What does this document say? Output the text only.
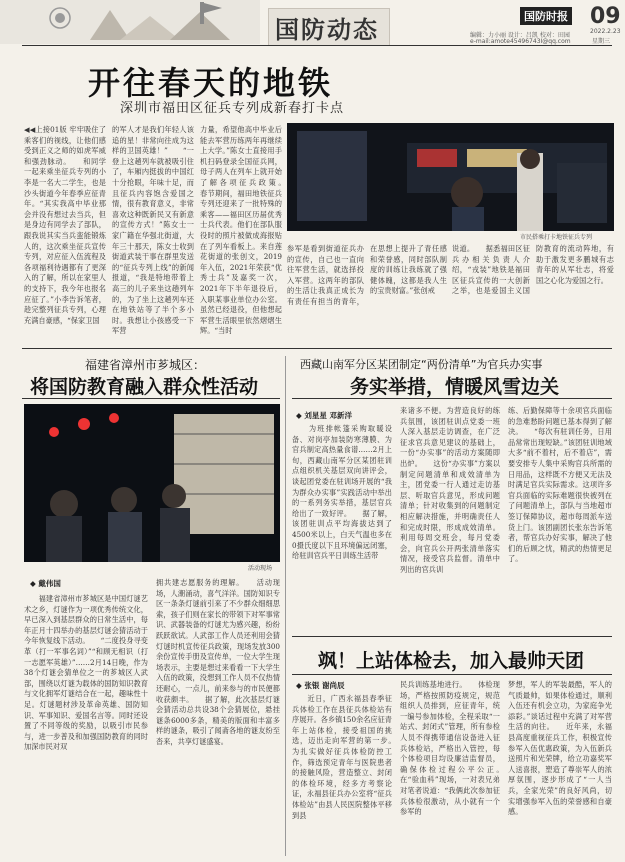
国防动态	国防时报
编辑：力小丽 设计：吕凯 校对：田园
e-mail:amote45496743I@qq.com
09
2022.2.23
星期三
开往春天的地铁
深圳市福田区征兵专列成新春打卡点
◀◀上接01版 牢牢吸住了乘客们的视线，让他们感受到正义之师的如虎军威和强劲脉动。　　和同学一起来乘坐征兵专列的小李是一名大二学生，也是沙头街道今年春季应征青年。“其实我高中毕业那会并没有想过去当兵，但是身边有同学去了部队，跟我说其实当兵蛮能锻炼人的，这次乘坐征兵宣传专列，对应征入伍流程及各项福利待遇都有了更深入的了解，所以在家里人的支持下，我今年也报名应征了。”小李告诉笔者，趁完整列征兵专列，心理充满自豪感，“保家卫国
的军人才是我们年轻人该追的星！非常向往成为这样的卫国英雄！”　　“一登上这趟列车就被吸引住了，车厢内挺拔的中国红十分抢眼，年味十足，而且征兵内容饱含爱国之情，很有教育意义，非常喜欢这种既新民又有新意的宣传方式！”陈女士一家广籍在华强北街道，大年三十那天，陈女士收到街道武装干事在群里发送的“征兵专列上线”的新闻报道，“我是特地带着上高三的儿子来坐这趟列车的，为了坐上这趟列车还在地铁站等了半个多小时。我想让小孩感受一下军营
力量，希望他高中毕业后能去军营历练两年再继续上大学。”陈女士直接用手机扫码登录全国征兵网，母子两人在列车上就开始了解各项征兵政策。　　春节期间，福田地铁征兵专列还迎来了一批特殊的乘客——福田区历届优秀士兵代表。他们在部队服役时的照片被做成海报贴在了列车看板上。来自莲花街道的张创文，2019年入伍，2021年荣获“优秀士兵”及嘉奖一次，2021年下半年退役后，入职某事业单位办公室。虽然已经退役，但他想起军营生活眼里依然熠熠生辉。“当时
市民搭乘打卡地铁征兵专列
参军是看到街道征兵办的宣传，自己也一直向往军营生活，就选择投入军营。这两年的部队的生活让我真正成长为有责任有担当的青年，在思想上提升了青任感和荣誉感，同时部队制度的训练让我练就了强健体魄，这都是我人生的宝贵财富。”张创戒
说道。　　据悉福田区征兵办相关负责人介绍，“戎装”地铁是福田区征兵宣传的一大创新之举，也是爱国主义国防教育的流动阵地，有助于激发更多鹏城有志青年的从军壮志，将爱国之心化为爱国之行。
福建省漳州市芗城区：
将国防教育融入群众性活动
活动现场
◆ 戴伟国
　　福建省漳州市芗城区是中国灯谜艺术之乡，灯谜作为一项优秀传统文化，早已深入到基层群众的日常生活中，每年正月十四举办的基层灯谜会猜活动于今年恢复线下活动。　　“二度投身寻变革（打一军事名词）”“和顾无相识（打一志愿军英雄）”……2月14日晚，作为38个灯谜会猜单位之一的芗城区人武部，围绕以灯谜为载体的国防知识教育与文化拥军灯谜结合在一起，趣味性十足。灯谜题材涉及革命英雄、国防知识、军事知识、爱国名言等。同时还设置了不同等级的奖励，以吸引市民参与，进一步普及和加强国防教育的同时加深市民对双
拥共建志愿服务的理解。　　活动现场，人潮涌动，喜气洋洋。国防知识专区一条条灯谜前引来了不少群众细细思索，孩子们则在家长的带领下对军事常识、武器装备的灯谜尤为感兴趣，纷纷跃跃欲试。人武部工作人员还利用会猜灯谜时机宣传征兵政策，现场发放300余份宣传手册及宣传单，一位大学生现场表示，主要是想过来看看一下大学生入伍的政策，没想到工作人员不仅热情还耐心，一点儿，前来参与的市民便都收获颇丰。　　据了解，此次基层灯谜会猜活动总共设38个会猜展位，悬挂谜条6000多条，精美的版面和丰富多样的谜条，吸引了闻斋各地的谜友纷至沓来，共享灯谜盛宴。
西藏山南军分区某团制定“两份清单”为官兵办实事
务实举措，情暖风雪边关
◆ 刘星星 邓新洋
　　为班排帐篷采购取暖设备、对岗亭加装防寒薄膜、为官兵制定高热量食谱……2月上旬，西藏山南军分区某团驻训点组织机关基层双向讲评会，谈起团党委在驻训场开展的“我为群众办实事”实践活动中举出的一系列务实举措，基层官兵给出了一致好评。　　据了解，该团驻训点平均海拔达到了4500米以上，白天气温也多在0摄氏度以下且环境偏远闭塞，给驻训官兵平日训练生活带
来诸多不便。为营造良好的练兵氛围，该团驻训点党委一班人深入基层走访调查，在广泛征求官兵意见建议的基础上，一份“办实事”的活动方案随即出炉。　　这份“办实事”方案以制定问题清单和成效清单为主，团党委一行人通过走访基层、听取官兵意见，形成问题清单；针对收集到的问题制定相应解决措施，并明确责任人和完成时限，形成成效清单。利用每周交班会，每月党委会，向官兵公开两张清单落实情况，接受官兵监督。清单中列出的官兵训
练、后勤保障等十余项官兵面临的急难愁盼问题已基本得到了解决。　　“每次有驻训任务，日用品常常出现短缺。”该团驻训地域大多“前不着村，后不着店”，需要安排专人集中采购官兵所需的日用品，这样既不方便又无法及时满足官兵实际需求。这项许多官兵面临的实际难题很快被列在了问题清单上，部队与当地超市签订保障协议，超市每周派车送货上门。该团副团长张东告诉笔者，帮官兵办好实事，解决了他们的后顾之忧，精武的热情更足了。
飒！上站体检去，加入最帅天团
◆ 张银 谢尚辰
　　近日，广西永福县春季征兵体检工作在县征兵体检站有序展开。各乡镇150余名应征青年上站体检，接受祖国的挑选，迈出走向军营的第一步。　　为扎实做好征兵体检防控工作，筛选预定青年与医院患者的接触风险，营造整立、封闭的体检环境，经多方考察论证，永福县征兵办公室将“征兵体检站”由县人民医院整体平移到县
民兵训练基地进行。　　体检现场，严格按照防疫规定，规范组织人员排到，应征青年，统一编号参加体检，全程采取“一站式、封闭式”管理，所有参检人员不得携带通信设备进入征兵体检站，严格出入管控，每个体检项目均设廉洁监督员，确保体检过程公平公正。　　在“验血科”现场，一对表兄弟对笔者说道：“我俩此次参加征兵体检很激动，从小就有一个参军的
梦想，军人的军装最酷，军人的气质最帅，如果体检通过，顺利入伍还有机会立功，为家庭争光添彩。”谈话过程中充满了对军营生活的向往。　　近年来，永福县高度重视征兵工作，积极宣传参军入伍优惠政策，为入伍新兵送照片和光荣牌，给立功嘉奖军人送喜报，塑造了尊崇军人的浓厚氛围，逐步形成了“一人当兵，全家光荣”的良好风尚，切实增强参军入伍的荣誉感和自豪感。
